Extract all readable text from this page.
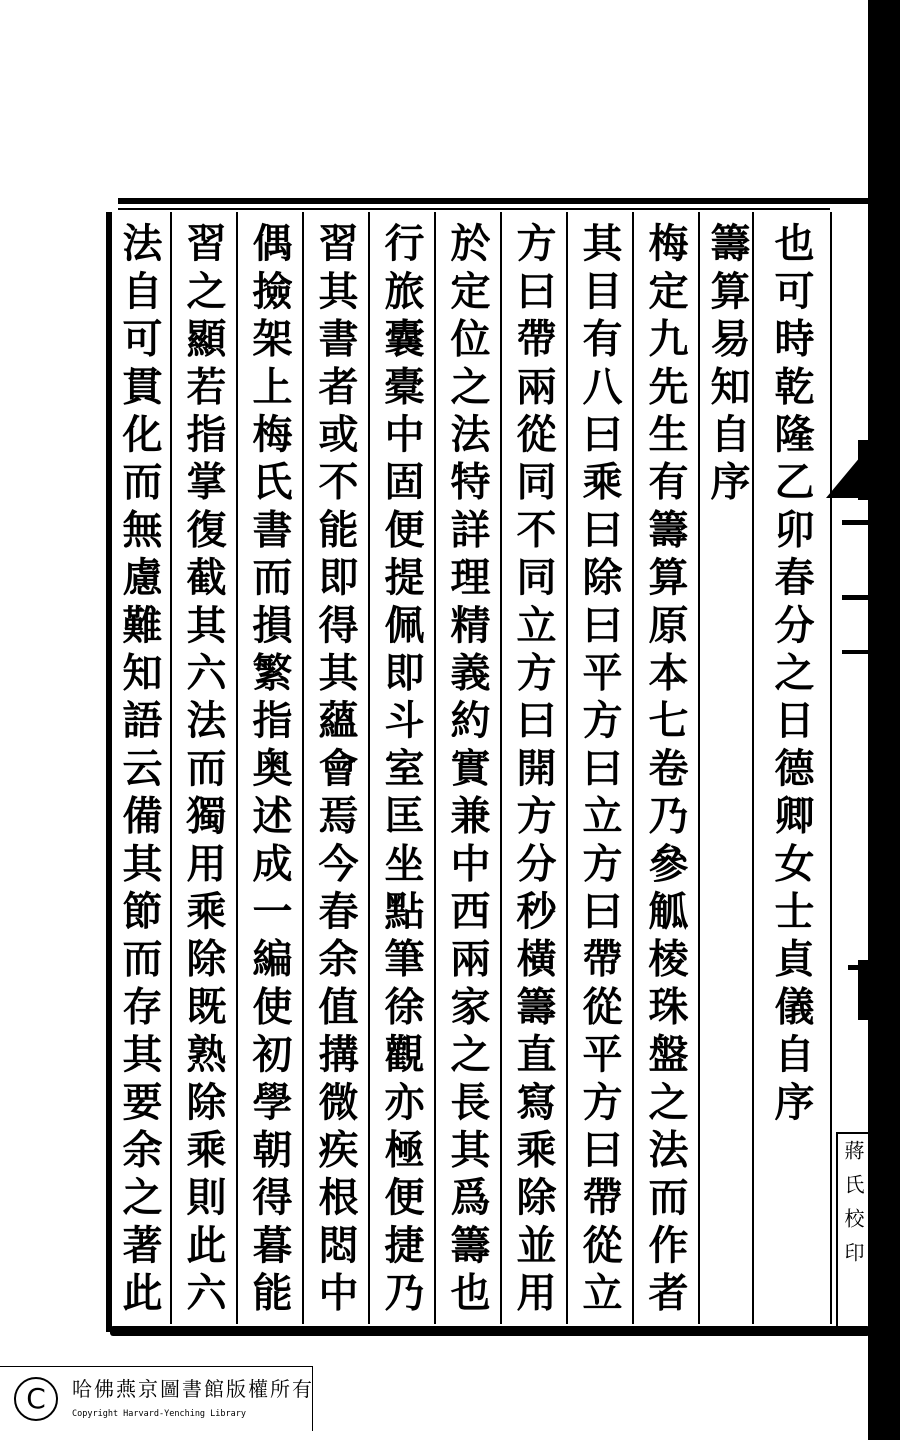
也可時乾隆乙卯春分之日德卿女士貞儀自序
籌算易知自序
梅定九先生有籌算原本七卷乃參觚棱珠盤之法而作者
其目有八曰乘曰除曰平方曰立方曰帶從平方曰帶從立
方曰帶兩從同不同立方曰開方分秒橫籌直寫乘除並用
於定位之法特詳理精義約實兼中西兩家之長其爲籌也
行旅囊橐中固便提佩即斗室匡坐點筆徐觀亦極便捷乃
習其書者或不能即得其蘊會焉今春余值搆微疾根悶中
偶撿架上梅氏書而損繁指奥述成一編使初學朝得暮能
習之顯若指掌復截其六法而獨用乘除既熟除乘則此六
法自可貫化而無慮難知語云備其節而存其要余之著此	蔣氏校印
C	哈佛燕京圖書館版權所有
Copyright Harvard-Yenching Library
